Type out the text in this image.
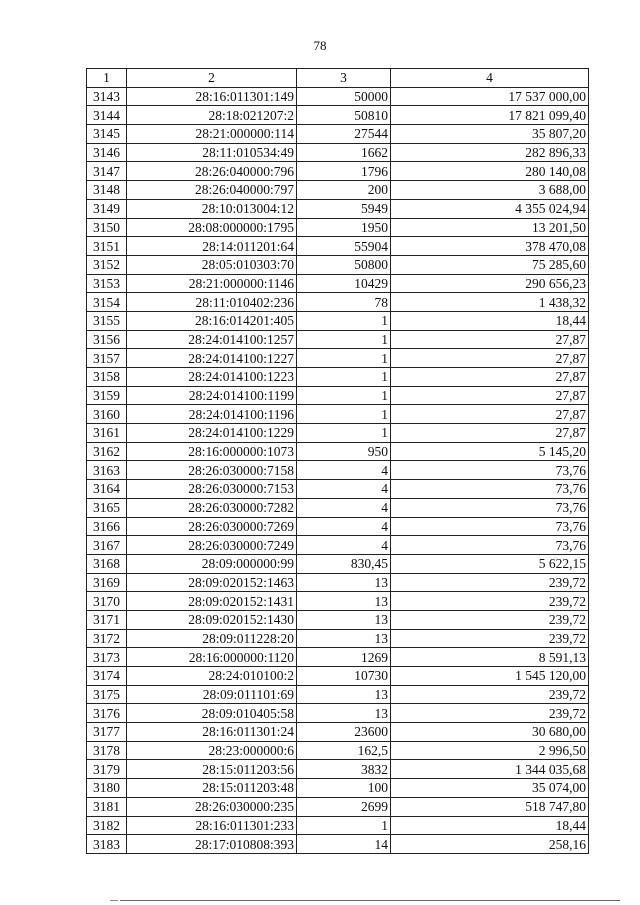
78
1	2	3	4
3143	28:16:011301:149	50000	17 537 000,00
3144	28:18:021207:2	50810	17 821 099,40
3145	28:21:000000:114	27544	35 807,20
3146	28:11:010534:49	1662	282 896,33
3147	28:26:040000:796	1796	280 140,08
3148	28:26:040000:797	200	3 688,00
3149	28:10:013004:12	5949	4 355 024,94
3150	28:08:000000:1795	1950	13 201,50
3151	28:14:011201:64	55904	378 470,08
3152	28:05:010303:70	50800	75 285,60
3153	28:21:000000:1146	10429	290 656,23
3154	28:11:010402:236	78	1 438,32
3155	28:16:014201:405	1	18,44
3156	28:24:014100:1257	1	27,87
3157	28:24:014100:1227	1	27,87
3158	28:24:014100:1223	1	27,87
3159	28:24:014100:1199	1	27,87
3160	28:24:014100:1196	1	27,87
3161	28:24:014100:1229	1	27,87
3162	28:16:000000:1073	950	5 145,20
3163	28:26:030000:7158	4	73,76
3164	28:26:030000:7153	4	73,76
3165	28:26:030000:7282	4	73,76
3166	28:26:030000:7269	4	73,76
3167	28:26:030000:7249	4	73,76
3168	28:09:000000:99	830,45	5 622,15
3169	28:09:020152:1463	13	239,72
3170	28:09:020152:1431	13	239,72
3171	28:09:020152:1430	13	239,72
3172	28:09:011228:20	13	239,72
3173	28:16:000000:1120	1269	8 591,13
3174	28:24:010100:2	10730	1 545 120,00
3175	28:09:011101:69	13	239,72
3176	28:09:010405:58	13	239,72
3177	28:16:011301:24	23600	30 680,00
3178	28:23:000000:6	162,5	2 996,50
3179	28:15:011203:56	3832	1 344 035,68
3180	28:15:011203:48	100	35 074,00
3181	28:26:030000:235	2699	518 747,80
3182	28:16:011301:233	1	18,44
3183	28:17:010808:393	14	258,16
